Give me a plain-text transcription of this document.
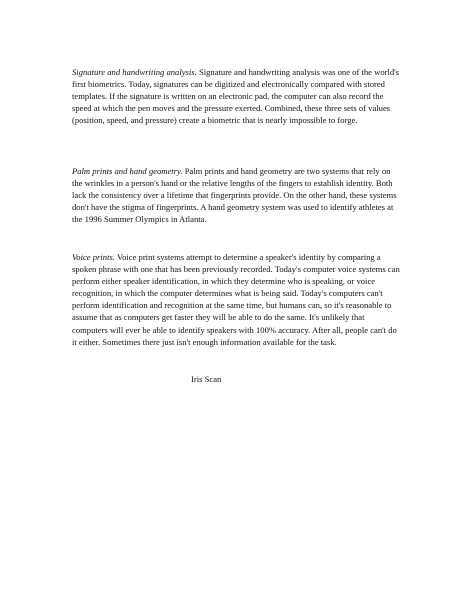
Signature and handwriting analysis. Signature and handwriting analysis was one of the world's first biometrics. Today, signatures can be digitized and electronically compared with stored templates. If the signature is written on an electronic pad, the computer can also record the speed at which the pen moves and the pressure exerted. Combined, these three sets of values (position, speed, and pressure) create a biometric that is nearly impossible to forge.

Palm prints and hand geometry. Palm prints and hand geometry are two systems that rely on the wrinkles in a person's hand or the relative lengths of the fingers to establish identity. Both lack the consistency over a lifetime that fingerprints provide. On the other hand, these systems don't have the stigma of fingerprints. A hand geometry system was used to identify athletes at the 1996 Summer Olympics in Atlanta.

Voice prints. Voice print systems attempt to determine a speaker's identity by comparing a spoken phrase with one that has been previously recorded. Today's computer voice systems can perform either speaker identification, in which they determine who is speaking, or voice recognition, in which the computer determines what is being said. Today's computers can't perform identification and recognition at the same time, but humans can, so it's reasonable to assume that as computers get faster they will be able to do the same. It's unlikely that computers will ever be able to identify speakers with 100% accuracy. After all, people can't do it either. Sometimes there just isn't enough information available for the task.

Iris Scan
